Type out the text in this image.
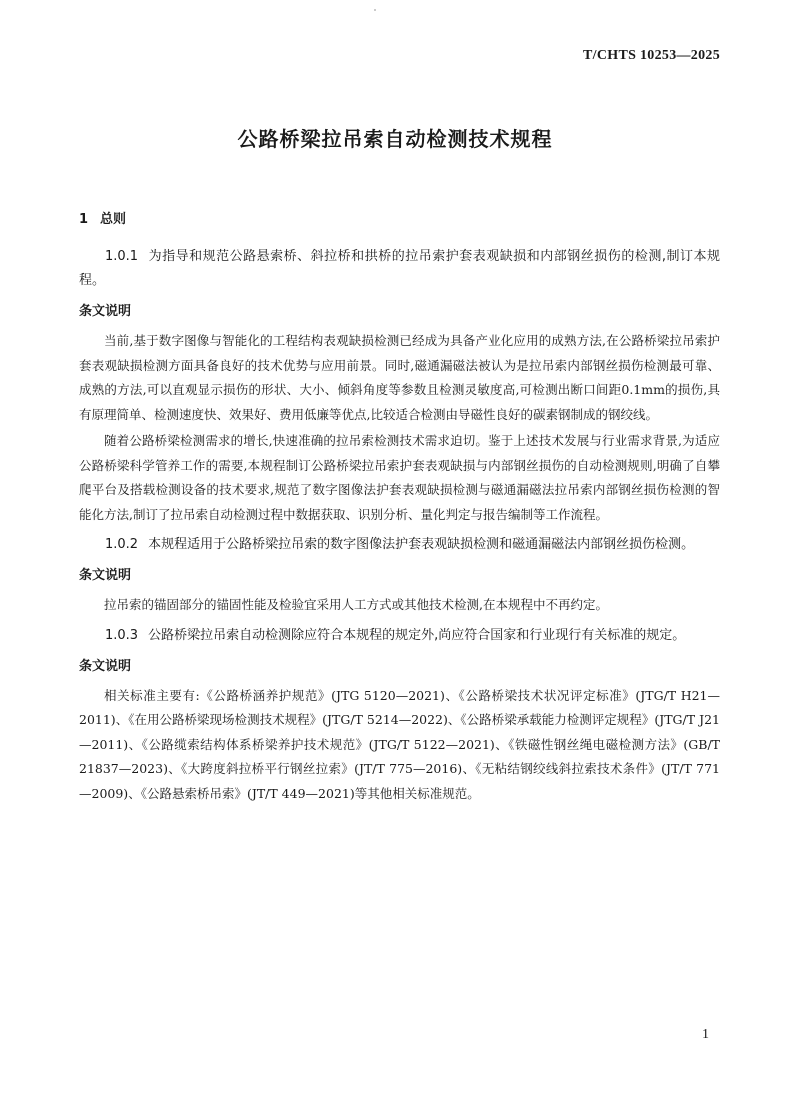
T/CHTS 10253—2025
公路桥梁拉吊索自动检测技术规程
1 总则

1.0.1 为指导和规范公路悬索桥、斜拉桥和拱桥的拉吊索护套表观缺损和内部钢丝损伤的检测,制订本规程。

条文说明

当前,基于数字图像与智能化的工程结构表观缺损检测已经成为具备产业化应用的成熟方法,在公路桥梁拉吊索护套表观缺损检测方面具备良好的技术优势与应用前景。同时,磁通漏磁法被认为是拉吊索内部钢丝损伤检测最可靠、成熟的方法,可以直观显示损伤的形状、大小、倾斜角度等参数且检测灵敏度高,可检测出断口间距0.1mm的损伤,具有原理简单、检测速度快、效果好、费用低廉等优点,比较适合检测由导磁性良好的碳素钢制成的钢绞线。

随着公路桥梁检测需求的增长,快速准确的拉吊索检测技术需求迫切。鉴于上述技术发展与行业需求背景,为适应公路桥梁科学管养工作的需要,本规程制订公路桥梁拉吊索护套表观缺损与内部钢丝损伤的自动检测规则,明确了自攀爬平台及搭载检测设备的技术要求,规范了数字图像法护套表观缺损检测与磁通漏磁法拉吊索内部钢丝损伤检测的智能化方法,制订了拉吊索自动检测过程中数据获取、识别分析、量化判定与报告编制等工作流程。

1.0.2 本规程适用于公路桥梁拉吊索的数字图像法护套表观缺损检测和磁通漏磁法内部钢丝损伤检测。

条文说明

拉吊索的锚固部分的锚固性能及检验宜采用人工方式或其他技术检测,在本规程中不再约定。

1.0.3 公路桥梁拉吊索自动检测除应符合本规程的规定外,尚应符合国家和行业现行有关标准的规定。

条文说明

相关标准主要有:《公路桥涵养护规范》(JTG 5120—2021)、《公路桥梁技术状况评定标准》(JTG/T H21—2011)、《在用公路桥梁现场检测技术规程》(JTG/T 5214—2022)、《公路桥梁承载能力检测评定规程》(JTG/T J21—2011)、《公路缆索结构体系桥梁养护技术规范》(JTG/T 5122—2021)、《铁磁性钢丝绳电磁检测方法》(GB/T 21837—2023)、《大跨度斜拉桥平行钢丝拉索》(JT/T 775—2016)、《无粘结钢绞线斜拉索技术条件》(JT/T 771—2009)、《公路悬索桥吊索》(JT/T 449—2021)等其他相关标准规范。

1
